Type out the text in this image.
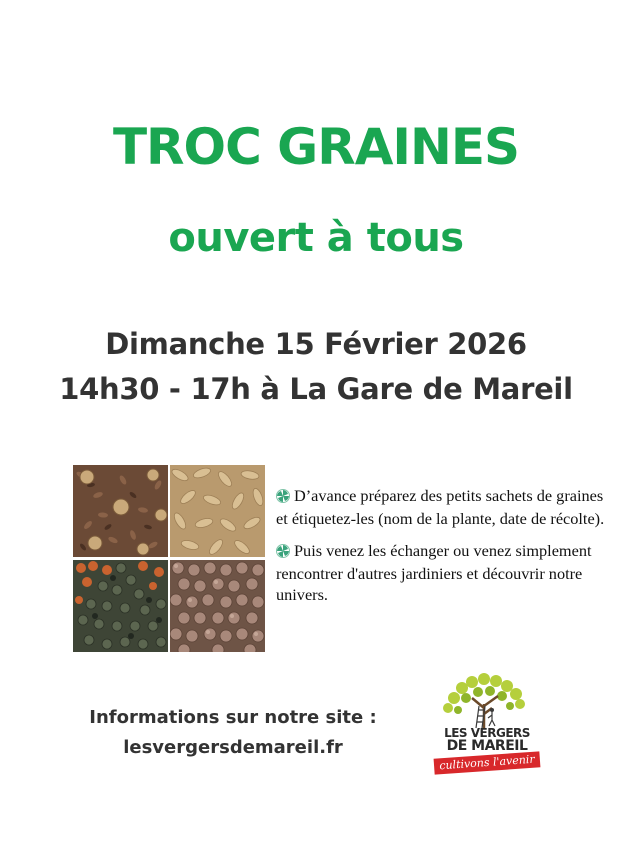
TROC GRAINES
ouvert à tous
Dimanche 15 Février 2026
14h30 - 17h à La Gare de Mareil

D’avance préparez des petits sachets de graines et étiquetez-les (nom de la plante, date de récolte).

Puis venez les échanger ou venez simplement rencontrer d'autres jardiniers et découvrir notre univers.

Informations sur notre site :
lesvergersdemareil.fr
LES VERGERS
DE MAREIL
cultivons l'avenir
